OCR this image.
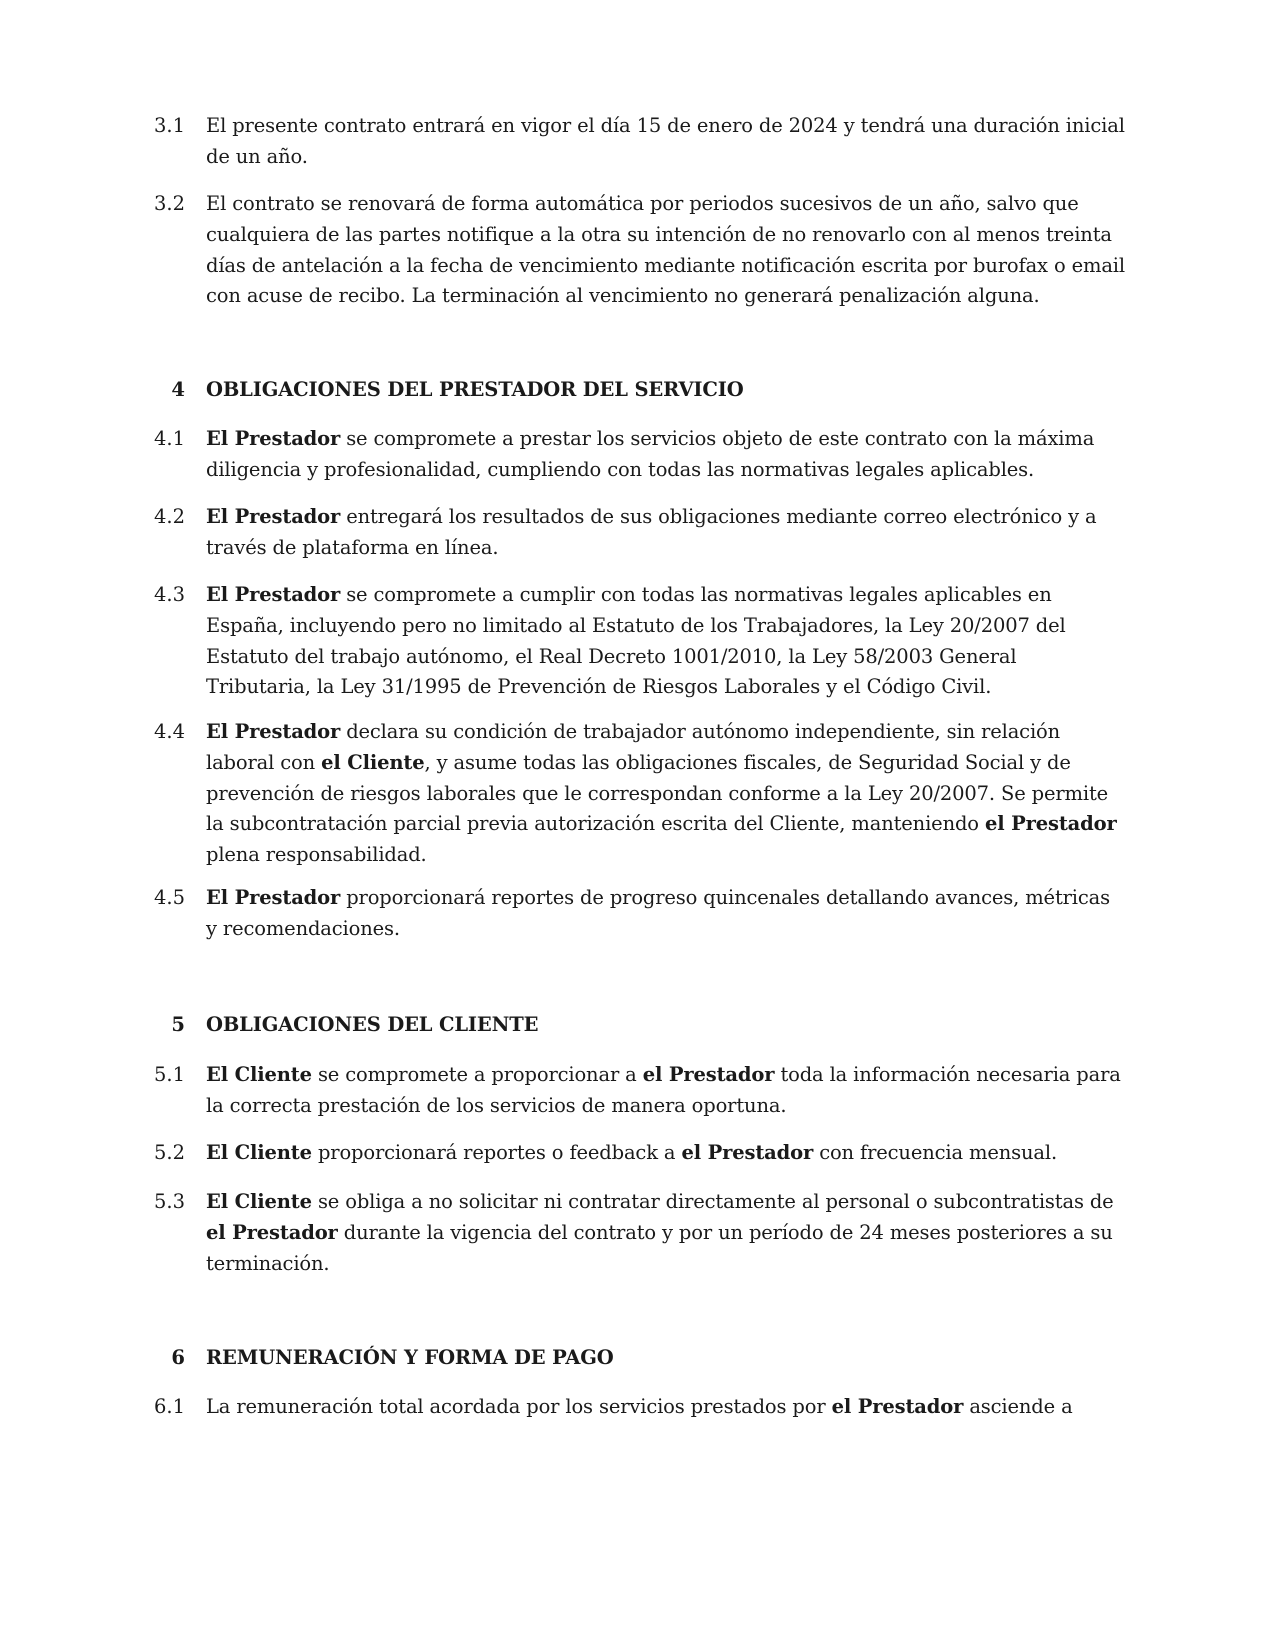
3.1 El presente contrato entrará en vigor el día 15 de enero de 2024 y tendrá una duración inicial de un año.
3.2 El contrato se renovará de forma automática por periodos sucesivos de un año, salvo que cualquiera de las partes notifique a la otra su intención de no renovarlo con al menos treinta días de antelación a la fecha de vencimiento mediante notificación escrita por burofax o email con acuse de recibo. La terminación al vencimiento no generará penalización alguna.
4 OBLIGACIONES DEL PRESTADOR DEL SERVICIO
4.1 El Prestador se compromete a prestar los servicios objeto de este contrato con la máxima diligencia y profesionalidad, cumpliendo con todas las normativas legales aplicables.
4.2 El Prestador entregará los resultados de sus obligaciones mediante correo electrónico y a través de plataforma en línea.
4.3 El Prestador se compromete a cumplir con todas las normativas legales aplicables en España, incluyendo pero no limitado al Estatuto de los Trabajadores, la Ley 20/2007 del Estatuto del trabajo autónomo, el Real Decreto 1001/2010, la Ley 58/2003 General Tributaria, la Ley 31/1995 de Prevención de Riesgos Laborales y el Código Civil.
4.4 El Prestador declara su condición de trabajador autónomo independiente, sin relación laboral con el Cliente, y asume todas las obligaciones fiscales, de Seguridad Social y de prevención de riesgos laborales que le correspondan conforme a la Ley 20/2007. Se permite la subcontratación parcial previa autorización escrita del Cliente, manteniendo el Prestador plena responsabilidad.
4.5 El Prestador proporcionará reportes de progreso quincenales detallando avances, métricas y recomendaciones.
5 OBLIGACIONES DEL CLIENTE
5.1 El Cliente se compromete a proporcionar a el Prestador toda la información necesaria para la correcta prestación de los servicios de manera oportuna.
5.2 El Cliente proporcionará reportes o feedback a el Prestador con frecuencia mensual.
5.3 El Cliente se obliga a no solicitar ni contratar directamente al personal o subcontratistas de el Prestador durante la vigencia del contrato y por un período de 24 meses posteriores a su terminación.
6 REMUNERACIÓN Y FORMA DE PAGO
6.1 La remuneración total acordada por los servicios prestados por el Prestador asciende a
